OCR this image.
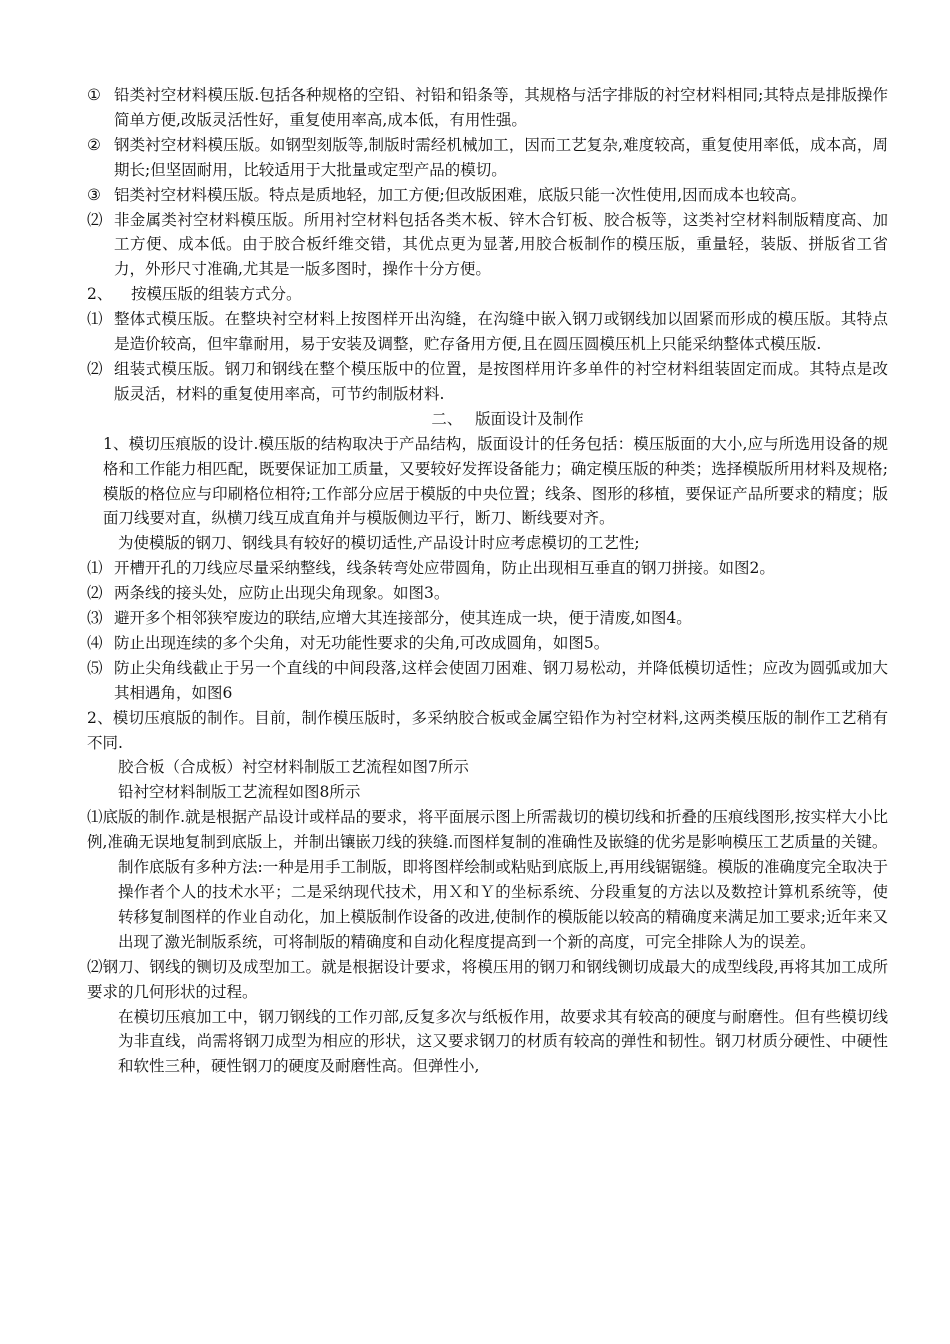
① 铅类衬空材料模压版.包括各种规格的空铅、衬铅和铅条等，其规格与活字排版的衬空材料相同;其特点是排版操作简单方便,改版灵活性好，重复使用率高,成本低，有用性强。
② 钢类衬空材料模压版。如钢型刻版等,制版时需经机械加工，因而工艺复杂,难度较高，重复使用率低，成本高，周期长;但坚固耐用，比较适用于大批量或定型产品的模切。
③ 铝类衬空材料模压版。特点是质地轻，加工方便;但改版困难，底版只能一次性使用,因而成本也较高。
⑵ 非金属类衬空材料模压版。所用衬空材料包括各类木板、锌木合钉板、胶合板等，这类衬空材料制版精度高、加工方便、成本低。由于胶合板纤维交错，其优点更为显著,用胶合板制作的模压版，重量轻，装版、拼版省工省力，外形尺寸准确,尤其是一版多图时，操作十分方便。
2、 按模压版的组装方式分。
⑴ 整体式模压版。在整块衬空材料上按图样开出沟缝，在沟缝中嵌入钢刀或钢线加以固紧而形成的模压版。其特点是造价较高，但牢靠耐用，易于安装及调整，贮存备用方便,且在圆压圆模压机上只能采纳整体式模压版.
⑵ 组装式模压版。钢刀和钢线在整个模压版中的位置，是按图样用许多单件的衬空材料组装固定而成。其特点是改版灵活，材料的重复使用率高，可节约制版材料.

二、　 版面设计及制作

1、模切压痕版的设计.模压版的结构取决于产品结构，版面设计的任务包括：模压版面的大小,应与所选用设备的规格和工作能力相匹配，既要保证加工质量，又要较好发挥设备能力；确定模压版的种类；选择模版所用材料及规格;模版的格位应与印刷格位相符;工作部分应居于模版的中央位置；线条、图形的移植，要保证产品所要求的精度；版面刀线要对直，纵横刀线互成直角并与模版侧边平行，断刀、断线要对齐。

为使模版的钢刀、钢线具有较好的模切适性,产品设计时应考虑模切的工艺性;

⑴ 开槽开孔的刀线应尽量采纳整线，线条转弯处应带圆角，防止出现相互垂直的钢刀拼接。如图2。
⑵ 两条线的接头处，应防止出现尖角现象。如图3。
⑶ 避开多个相邻狭窄废边的联结,应增大其连接部分，使其连成一块，便于清废,如图4。
⑷ 防止出现连续的多个尖角，对无功能性要求的尖角,可改成圆角，如图5。
⑸ 防止尖角线截止于另一个直线的中间段落,这样会使固刀困难、钢刀易松动，并降低模切适性；应改为圆弧或加大其相遇角，如图6

2、模切压痕版的制作。目前，制作模压版时，多采纳胶合板或金属空铅作为衬空材料,这两类模压版的制作工艺稍有不同.

胶合板（合成板）衬空材料制版工艺流程如图7所示

铅衬空材料制版工艺流程如图8所示

⑴底版的制作.就是根据产品设计或样品的要求，将平面展示图上所需裁切的模切线和折叠的压痕线图形,按实样大小比例,准确无误地复制到底版上，并制出镶嵌刀线的狭缝.而图样复制的准确性及嵌缝的优劣是影响模压工艺质量的关键。

制作底版有多种方法:一种是用手工制版，即将图样绘制或粘贴到底版上,再用线锯锯缝。模版的准确度完全取决于操作者个人的技术水平；二是采纳现代技术，用Ｘ和Ｙ的坐标系统、分段重复的方法以及数控计算机系统等，使转移复制图样的作业自动化，加上模版制作设备的改进,使制作的模版能以较高的精确度来满足加工要求;近年来又出现了激光制版系统，可将制版的精确度和自动化程度提高到一个新的高度，可完全排除人为的误差。

⑵钢刀、钢线的铡切及成型加工。就是根据设计要求，将模压用的钢刀和钢线铡切成最大的成型线段,再将其加工成所要求的几何形状的过程。

在模切压痕加工中，钢刀钢线的工作刃部,反复多次与纸板作用，故要求其有较高的硬度与耐磨性。但有些模切线为非直线，尚需将钢刀成型为相应的形状，这又要求钢刀的材质有较高的弹性和韧性。钢刀材质分硬性、中硬性和软性三种，硬性钢刀的硬度及耐磨性高。但弹性小,
